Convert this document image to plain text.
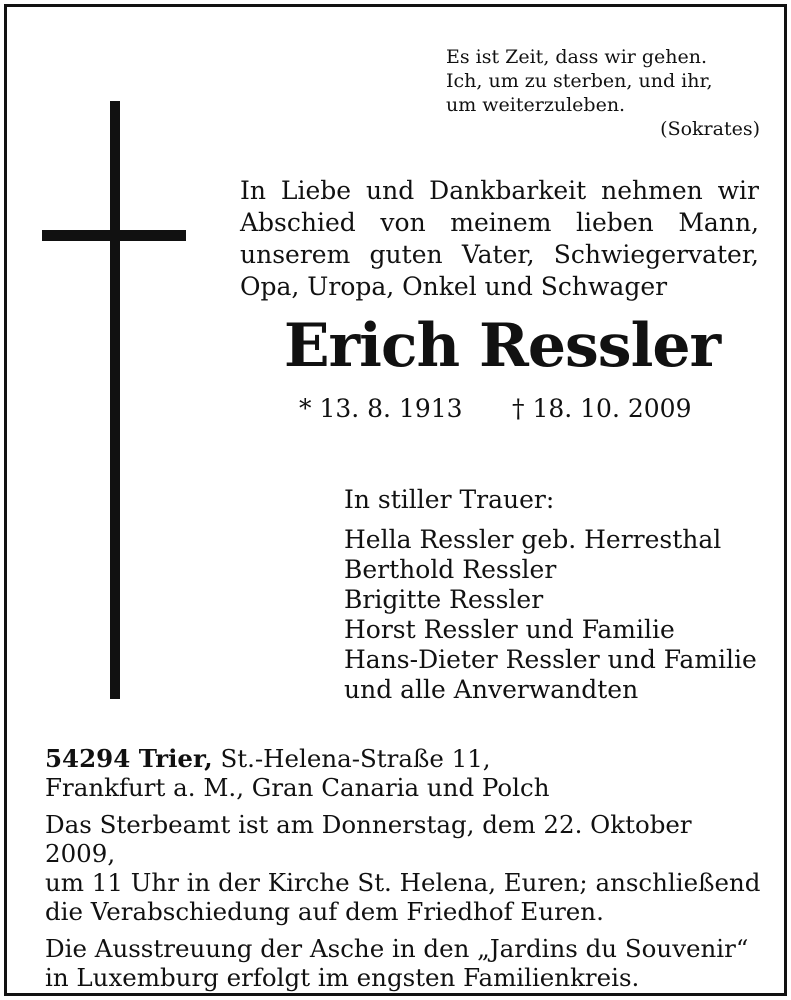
Es ist Zeit, dass wir gehen.
Ich, um zu sterben, und ihr,
um weiterzuleben.
(Sokrates)
In Liebe und Dankbarkeit nehmen wir
Abschied von meinem lieben Mann,
unserem guten Vater, Schwiegervater,
Opa, Uropa, Onkel und Schwager
Erich Ressler
* 13. 8. 1913 † 18. 10. 2009
In stiller Trauer:
Hella Ressler geb. Herresthal
Berthold Ressler
Brigitte Ressler
Horst Ressler und Familie
Hans-Dieter Ressler und Familie
und alle Anverwandten

54294 Trier, St.-Helena-Straße 11,
Frankfurt a. M., Gran Canaria und Polch

Das Sterbeamt ist am Donnerstag, dem 22. Oktober 2009,
um 11 Uhr in der Kirche St. Helena, Euren; anschließend
die Verabschiedung auf dem Friedhof Euren.

Die Ausstreuung der Asche in den „Jardins du Souvenir“
in Luxemburg erfolgt im engsten Familienkreis.
